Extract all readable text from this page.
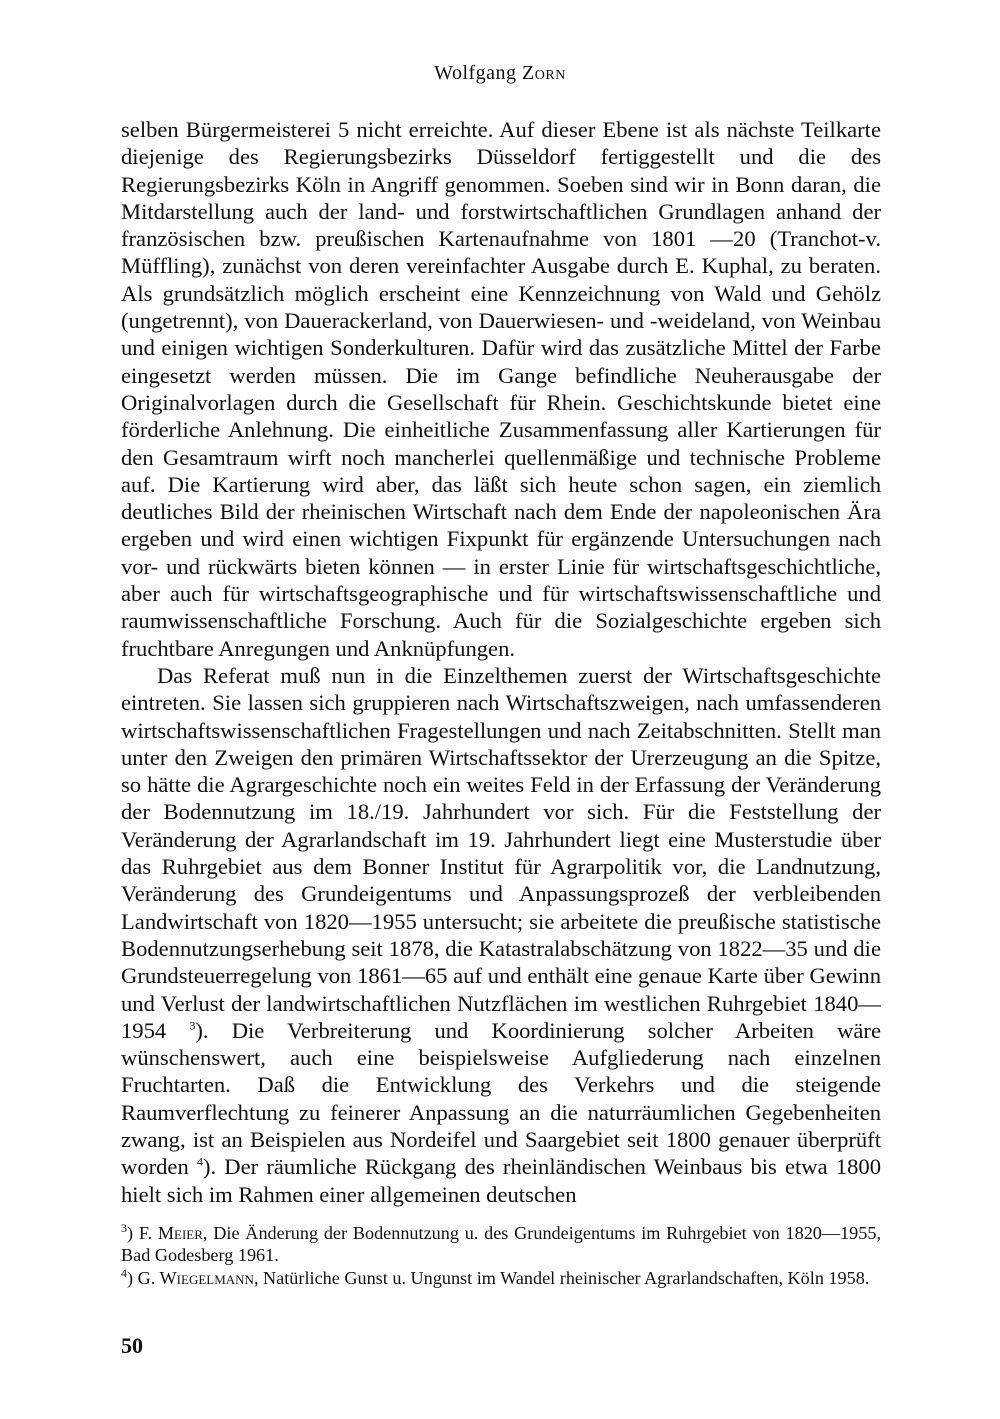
Wolfgang Zorn

selben Bürgermeisterei 5 nicht erreichte. Auf dieser Ebene ist als nächste Teilkarte diejenige des Regierungsbezirks Düsseldorf fertiggestellt und die des Regierungsbezirks Köln in Angriff genommen. Soeben sind wir in Bonn daran, die Mitdarstellung auch der land- und forstwirtschaftlichen Grundlagen anhand der französischen bzw. preußischen Kartenaufnahme von 1801 —20 (Tranchot-v. Müffling), zunächst von deren vereinfachter Ausgabe durch E. Kuphal, zu beraten. Als grundsätzlich möglich erscheint eine Kennzeichnung von Wald und Gehölz (ungetrennt), von Dauerackerland, von Dauerwiesen- und -weideland, von Weinbau und einigen wichtigen Sonderkulturen. Dafür wird das zusätzliche Mittel der Farbe eingesetzt werden müssen. Die im Gange befindliche Neuherausgabe der Originalvorlagen durch die Gesellschaft für Rhein. Geschichtskunde bietet eine förderliche Anlehnung. Die einheitliche Zusammenfassung aller Kartierungen für den Gesamtraum wirft noch mancherlei quellenmäßige und technische Probleme auf. Die Kartierung wird aber, das läßt sich heute schon sagen, ein ziemlich deutliches Bild der rheinischen Wirtschaft nach dem Ende der napoleonischen Ära ergeben und wird einen wichtigen Fixpunkt für ergänzende Untersuchungen nach vor- und rückwärts bieten können — in erster Linie für wirtschaftsgeschichtliche, aber auch für wirtschaftsgeographische und für wirtschaftswissenschaftliche und raumwissenschaftliche Forschung. Auch für die Sozialgeschichte ergeben sich fruchtbare Anregungen und Anknüpfungen.

Das Referat muß nun in die Einzelthemen zuerst der Wirtschaftsgeschichte eintreten. Sie lassen sich gruppieren nach Wirtschaftszweigen, nach umfassenderen wirtschaftswissenschaftlichen Fragestellungen und nach Zeitabschnitten. Stellt man unter den Zweigen den primären Wirtschaftssektor der Urerzeugung an die Spitze, so hätte die Agrargeschichte noch ein weites Feld in der Erfassung der Veränderung der Bodennutzung im 18./19. Jahrhundert vor sich. Für die Feststellung der Veränderung der Agrarlandschaft im 19. Jahrhundert liegt eine Musterstudie über das Ruhrgebiet aus dem Bonner Institut für Agrarpolitik vor, die Landnutzung, Veränderung des Grundeigentums und Anpassungsprozeß der verbleibenden Landwirtschaft von 1820—1955 untersucht; sie arbeitete die preußische statistische Bodennutzungserhebung seit 1878, die Katastralabschätzung von 1822—35 und die Grundsteuerregelung von 1861—65 auf und enthält eine genaue Karte über Gewinn und Verlust der landwirtschaftlichen Nutzflächen im westlichen Ruhrgebiet 1840—1954 $^3$). Die Verbreiterung und Koordinierung solcher Arbeiten wäre wünschenswert, auch eine beispielsweise Aufgliederung nach einzelnen Fruchtarten. Daß die Entwicklung des Verkehrs und die steigende Raumverflechtung zu feinerer Anpassung an die naturräumlichen Gegebenheiten zwang, ist an Beispielen aus Nordeifel und Saargebiet seit 1800 genauer überprüft worden $^4$). Der räumliche Rückgang des rheinländischen Weinbaus bis etwa 1800 hielt sich im Rahmen einer allgemeinen deutschen

$^3$) F. Meier, Die Änderung der Bodennutzung u. des Grundeigentums im Ruhrgebiet von 1820—1955, Bad Godesberg 1961.

$^4$) G. Wiegelmann, Natürliche Gunst u. Ungunst im Wandel rheinischer Agrarlandschaften, Köln 1958.

50
